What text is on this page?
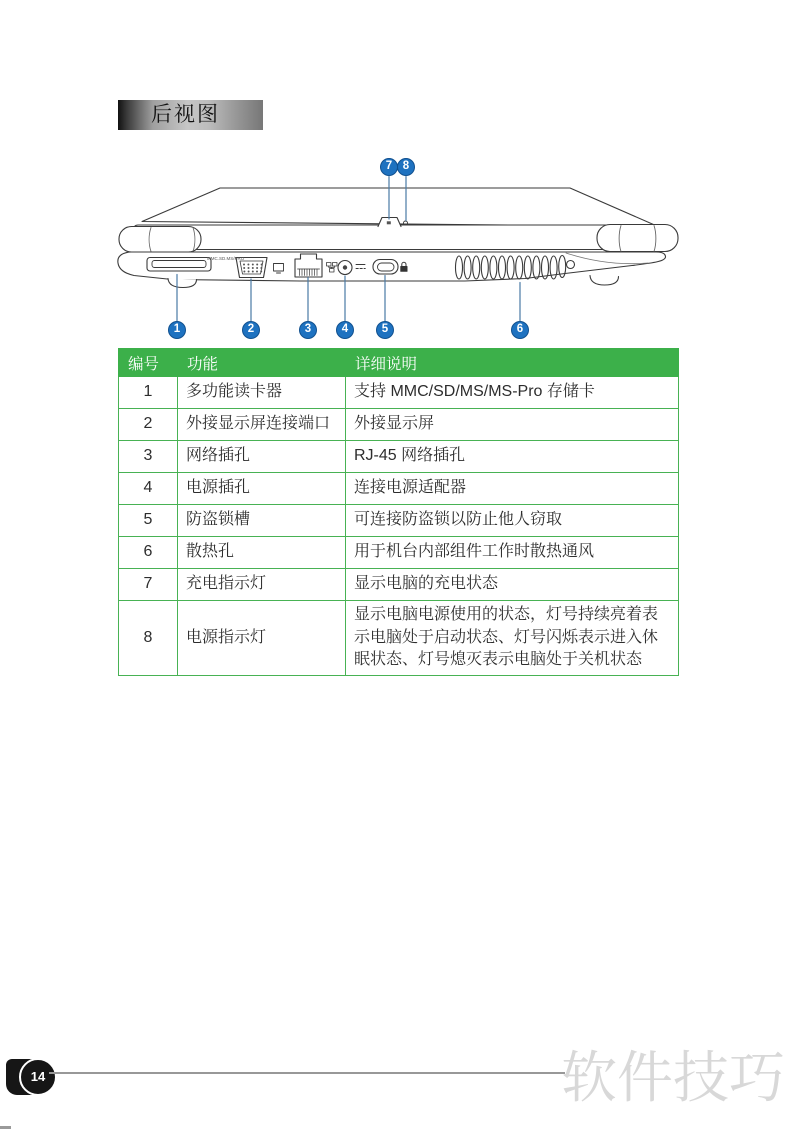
后视图
MMC.SD.MS/PRO
1	2	3	4	5	6
7 8
编号	功能	详细说明
1	多功能读卡器	支持 MMC/SD/MS/MS-Pro 存储卡
2	外接显示屏连接端口	外接显示屏
3	网络插孔	RJ-45 网络插孔
4	电源插孔	连接电源适配器
5	防盗锁槽	可连接防盗锁以防止他人窃取
6	散热孔	用于机台内部组件工作时散热通风
7	充电指示灯	显示电脑的充电状态
8	电源指示灯	显示电脑电源使用的状态，灯号持续亮着表示电脑处于启动状态、灯号闪烁表示进入休眠状态、灯号熄灭表示电脑处于关机状态
14	软件技巧
